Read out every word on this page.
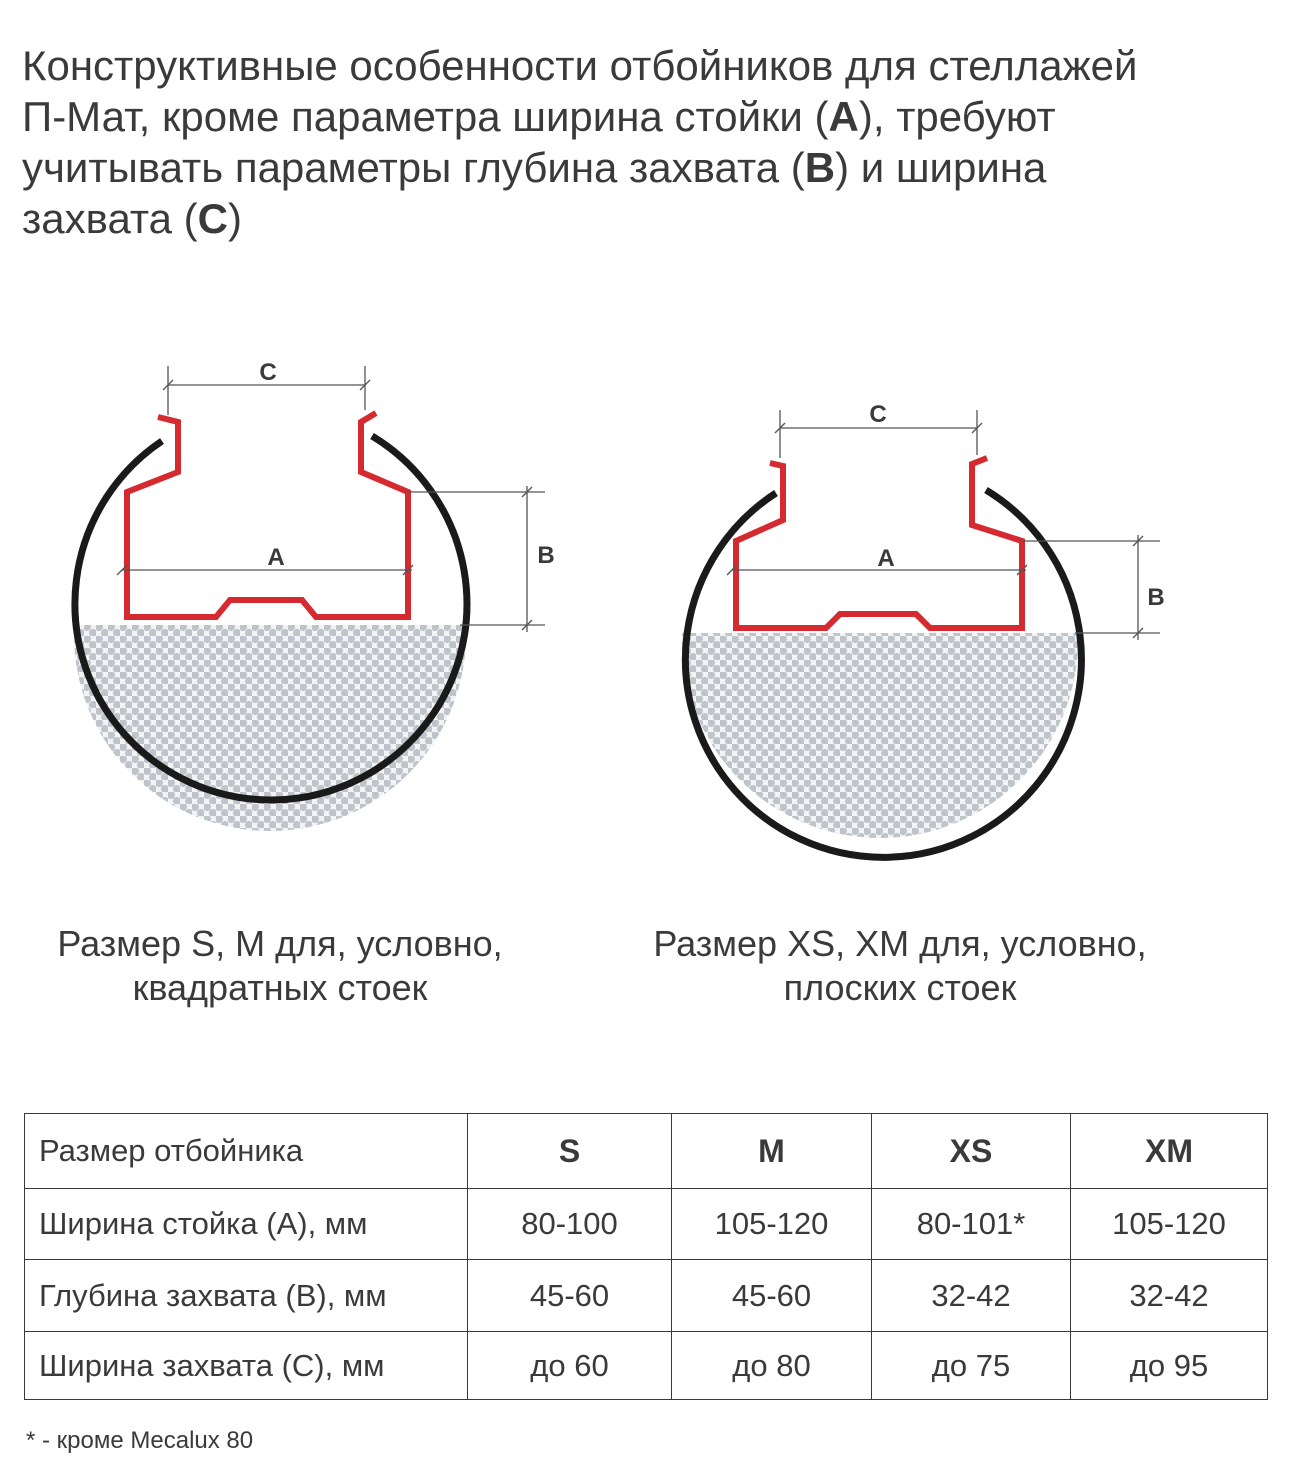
Конструктивные особенности отбойников для стеллажей
П-Мат, кроме параметра ширина стойки (A), требуют
учитывать параметры глубина захвата (B) и ширина
захвата (C)

C
A	B
C
A
B
Размер S, M для, условно,
квадратных стоек
Размер XS, XM для, условно,
плоских стоек
Размер отбойника	S	M	XS	XM
Ширина стойка (А), мм	80-100	105-120	80-101*	105-120
Глубина захвата (B), мм	45-60	45-60	32-42	32-42
Ширина захвата (С), мм	до 60	до 80	до 75	до 95
* - кроме Mecalux 80
